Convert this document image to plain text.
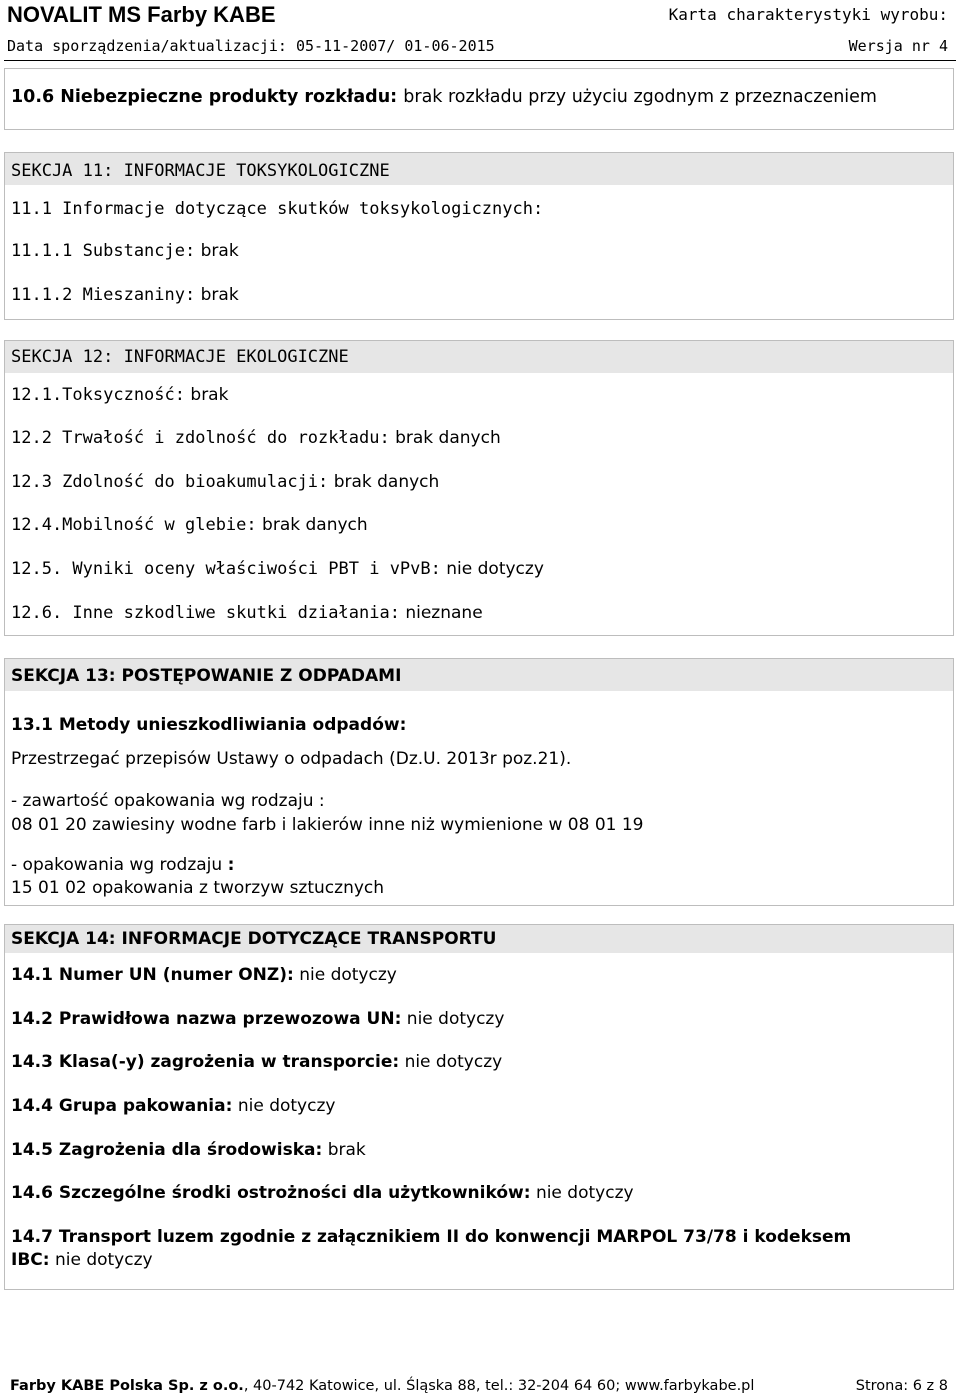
NOVALIT MS Farby KABE	Karta charakterystyki wyrobu:
Data sporządzenia/aktualizacji: 05-11-2007/ 01-06-2015	Wersja nr 4
10.6 Niebezpieczne produkty rozkładu: brak rozkładu przy użyciu zgodnym z przeznaczeniem
SEKCJA 11: INFORMACJE TOKSYKOLOGICZNE
11.1 Informacje dotyczące skutków toksykologicznych:
11.1.1 Substancje: brak
11.1.2 Mieszaniny: brak
SEKCJA 12: INFORMACJE EKOLOGICZNE
12.1.Toksyczność: brak
12.2 Trwałość i zdolność do rozkładu: brak danych
12.3 Zdolność do bioakumulacji: brak danych
12.4.Mobilność w glebie: brak danych
12.5. Wyniki oceny właściwości PBT i vPvB: nie dotyczy
12.6. Inne szkodliwe skutki działania: nieznane
SEKCJA 13: POSTĘPOWANIE Z ODPADAMI
13.1 Metody unieszkodliwiania odpadów:
Przestrzegać przepisów Ustawy o odpadach (Dz.U. 2013r poz.21).
- zawartość opakowania wg rodzaju :
08 01 20 zawiesiny wodne farb i lakierów inne niż wymienione w 08 01 19
- opakowania wg rodzaju :
15 01 02 opakowania z tworzyw sztucznych
SEKCJA 14: INFORMACJE DOTYCZĄCE TRANSPORTU
14.1 Numer UN (numer ONZ): nie dotyczy
14.2 Prawidłowa nazwa przewozowa UN: nie dotyczy
14.3 Klasa(-y) zagrożenia w transporcie: nie dotyczy
14.4 Grupa pakowania: nie dotyczy
14.5 Zagrożenia dla środowiska: brak
14.6 Szczególne środki ostrożności dla użytkowników: nie dotyczy
14.7 Transport luzem zgodnie z załącznikiem II do konwencji MARPOL 73/78 i kodeksem
IBC: nie dotyczy
Farby KABE Polska Sp. z o.o., 40-742 Katowice, ul. Śląska 88, tel.: 32-204 64 60; www.farbykabe.pl	Strona: 6 z 8
